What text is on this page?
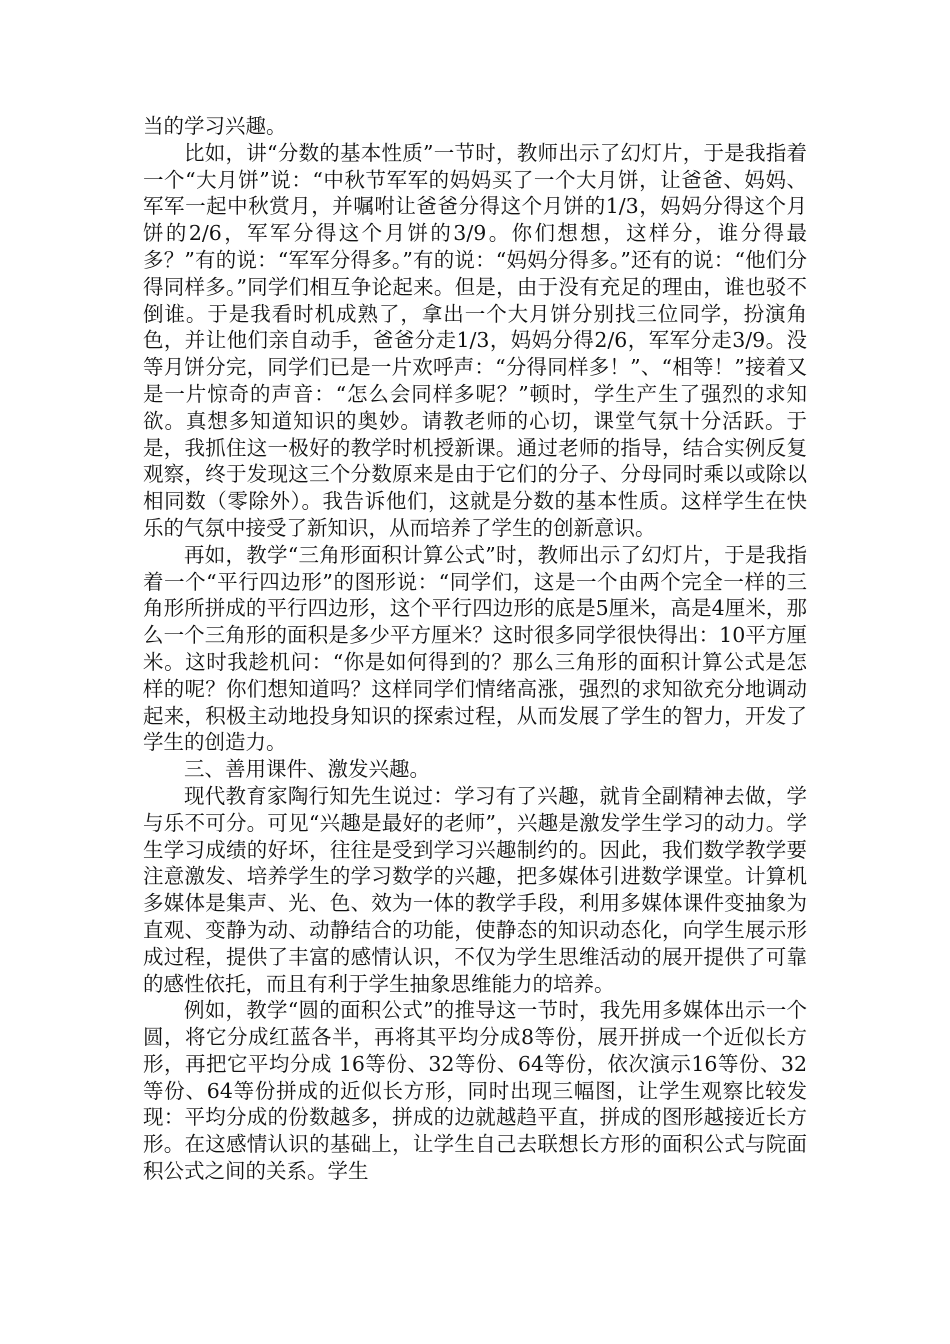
当的学习兴趣。

比如，讲“分数的基本性质”一节时，教师出示了幻灯片，于是我指着一个“大月饼”说：“中秋节军军的妈妈买了一个大月饼，让爸爸、妈妈、军军一起中秋赏月，并嘱咐让爸爸分得这个月饼的1/3，妈妈分得这个月饼的2/6，军军分得这个月饼的3/9。你们想想，这样分，谁分得最多？”有的说：“军军分得多。”有的说：“妈妈分得多。”还有的说：“他们分得同样多。”同学们相互争论起来。但是，由于没有充足的理由，谁也驳不倒谁。于是我看时机成熟了，拿出一个大月饼分别找三位同学，扮演角色，并让他们亲自动手，爸爸分走1/3，妈妈分得2/6，军军分走3/9。没等月饼分完，同学们已是一片欢呼声：“分得同样多！”、“相等！”接着又是一片惊奇的声音：“怎么会同样多呢？”顿时，学生产生了强烈的求知欲。真想多知道知识的奥妙。请教老师的心切，课堂气氛十分活跃。于是，我抓住这一极好的教学时机授新课。通过老师的指导，结合实例反复观察，终于发现这三个分数原来是由于它们的分子、分母同时乘以或除以相同数（零除外）。我告诉他们，这就是分数的基本性质。这样学生在快乐的气氛中接受了新知识，从而培养了学生的创新意识。

再如，教学“三角形面积计算公式”时，教师出示了幻灯片，于是我指着一个“平行四边形”的图形说：“同学们，这是一个由两个完全一样的三角形所拼成的平行四边形，这个平行四边形的底是5厘米，高是4厘米，那么一个三角形的面积是多少平方厘米？这时很多同学很快得出：10平方厘米。这时我趁机问：“你是如何得到的？那么三角形的面积计算公式是怎样的呢？你们想知道吗？这样同学们情绪高涨，强烈的求知欲充分地调动起来，积极主动地投身知识的探索过程，从而发展了学生的智力，开发了学生的创造力。

三、善用课件、激发兴趣。

现代教育家陶行知先生说过：学习有了兴趣，就肯全副精神去做，学与乐不可分。可见“兴趣是最好的老师”，兴趣是激发学生学习的动力。学生学习成绩的好坏，往往是受到学习兴趣制约的。因此，我们数学教学要注意激发、培养学生的学习数学的兴趣，把多媒体引进数学课堂。计算机多媒体是集声、光、色、效为一体的教学手段，利用多媒体课件变抽象为直观、变静为动、动静结合的功能，使静态的知识动态化，向学生展示形成过程，提供了丰富的感情认识，不仅为学生思维活动的展开提供了可靠的感性依托，而且有利于学生抽象思维能力的培养。

例如，教学“圆的面积公式”的推导这一节时，我先用多媒体出示一个圆，将它分成红蓝各半，再将其平均分成8等份，展开拼成一个近似长方形，再把它平均分成 16等份、32等份、64等份，依次演示16等份、32等份、64等份拼成的近似长方形，同时出现三幅图，让学生观察比较发现：平均分成的份数越多，拼成的边就越趋平直，拼成的图形越接近长方形。在这感情认识的基础上，让学生自己去联想长方形的面积公式与院面积公式之间的关系。学生
